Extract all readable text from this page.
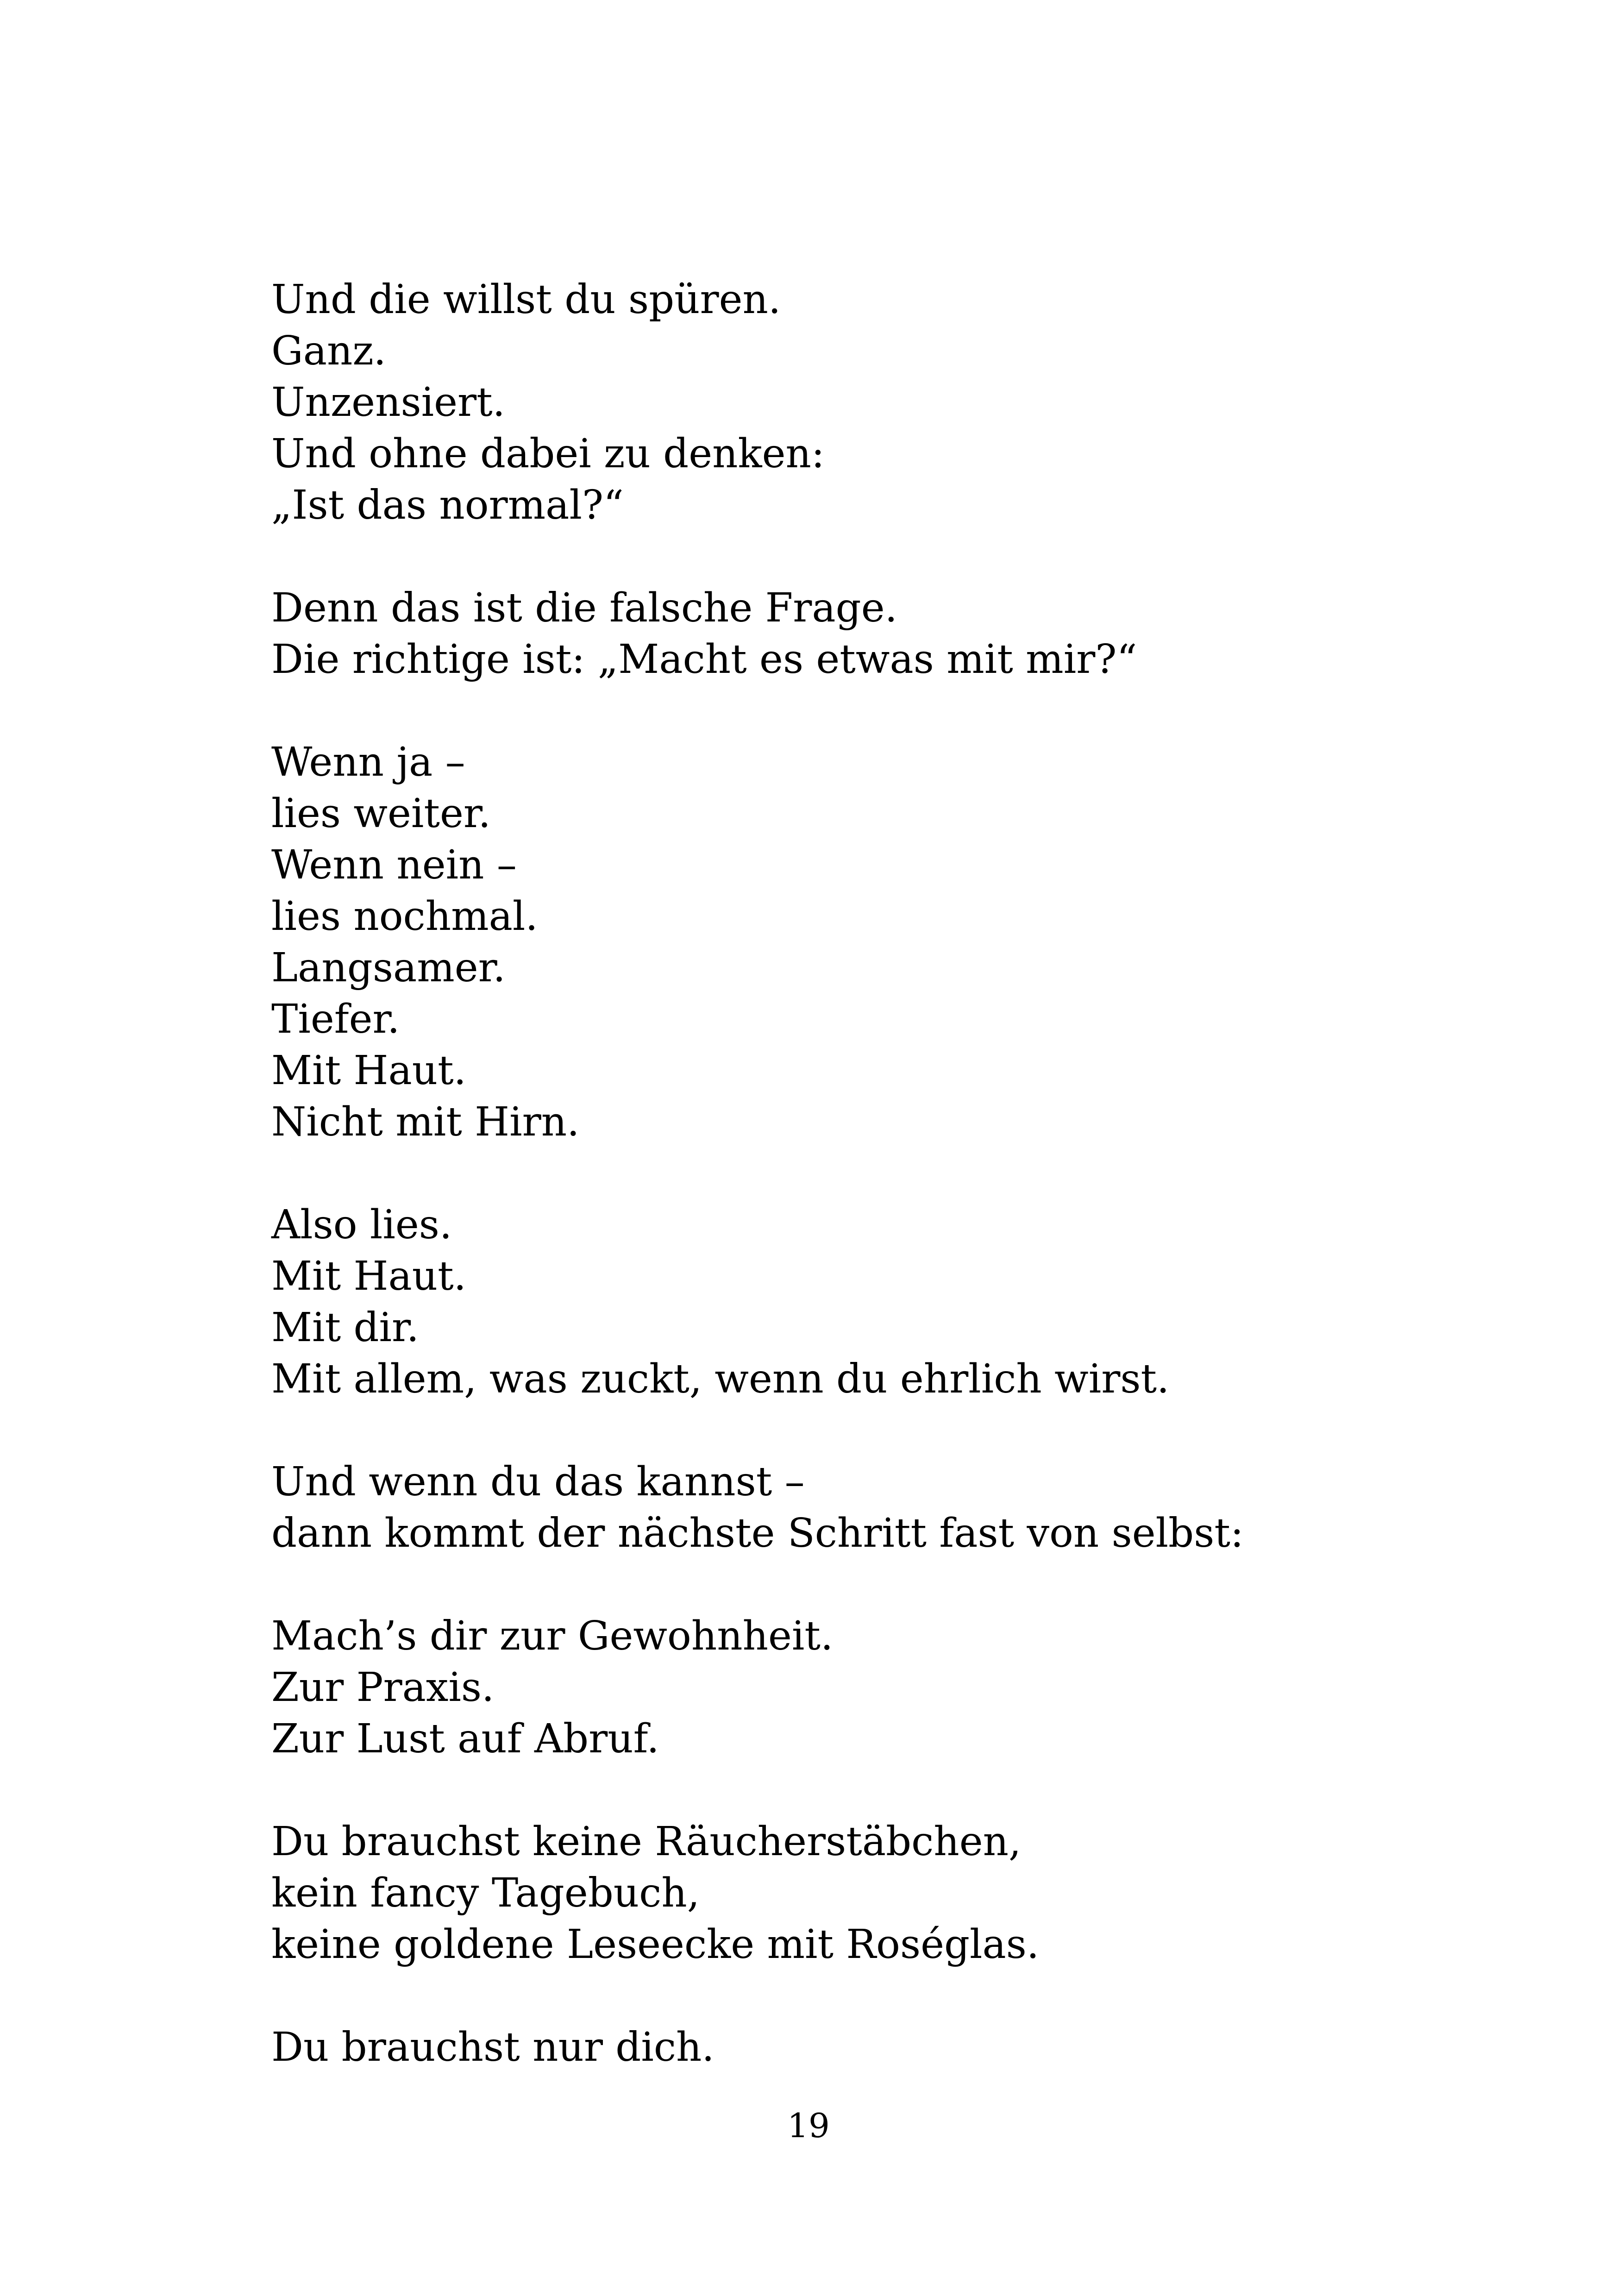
Und die willst du spüren.
Ganz.
Unzensiert.
Und ohne dabei zu denken:
„Ist das normal?“
Denn das ist die falsche Frage.
Die richtige ist: „Macht es etwas mit mir?“
Wenn ja –
lies weiter.
Wenn nein –
lies nochmal.
Langsamer.
Tiefer.
Mit Haut.
Nicht mit Hirn.
Also lies.
Mit Haut.
Mit dir.
Mit allem, was zuckt, wenn du ehrlich wirst.
Und wenn du das kannst –
dann kommt der nächste Schritt fast von selbst:
Mach’s dir zur Gewohnheit.
Zur Praxis.
Zur Lust auf Abruf.
Du brauchst keine Räucherstäbchen,
kein fancy Tagebuch,
keine goldene Leseecke mit Roséglas.
Du brauchst nur dich.
19
